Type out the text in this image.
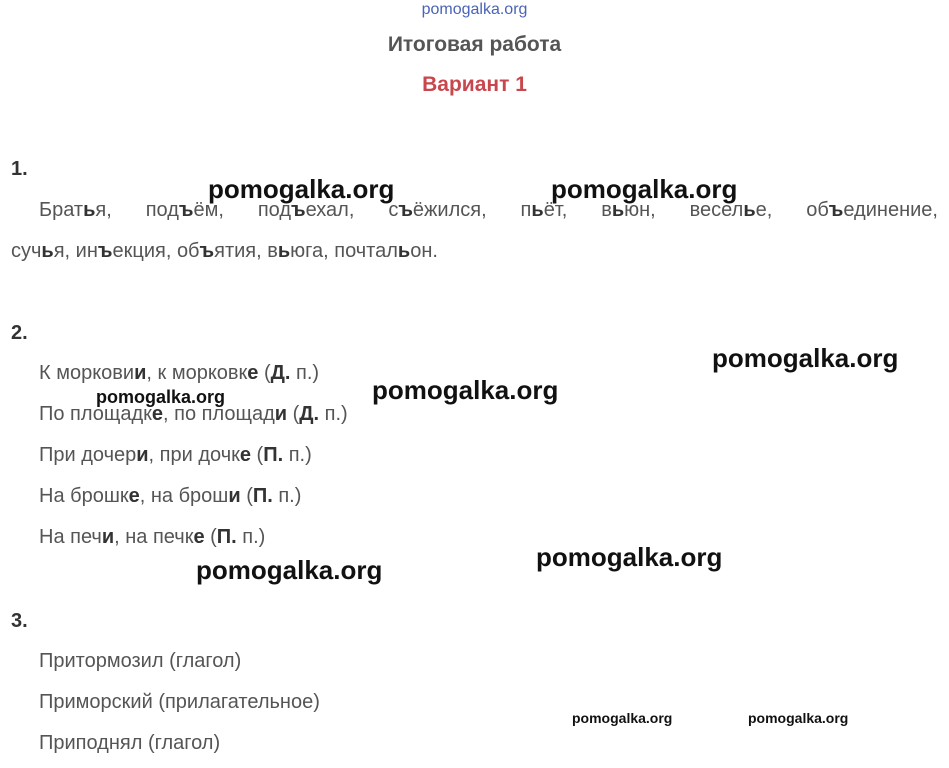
pomogalka.org
Итоговая работа
Вариант 1
1.
Братья, подъём, подъехал, съёжился, пьёт, вьюн, веселье, объединение,
сучья, инъекция, объятия, вьюга, почтальон.
2.
К морковии, к морковке (Д. п.)
По площадке, по площади (Д. п.)
При дочери, при дочке (П. п.)
На брошке, на броши (П. п.)
На печи, на печке (П. п.)
3.
Притормозил (глагол)
Приморский (прилагательное)
Приподнял (глагол)
pomogalka.org	pomogalka.org
pomogalka.org
pomogalka.org
pomogalka.org
pomogalka.org
pomogalka.org
pomogalka.org	pomogalka.org
